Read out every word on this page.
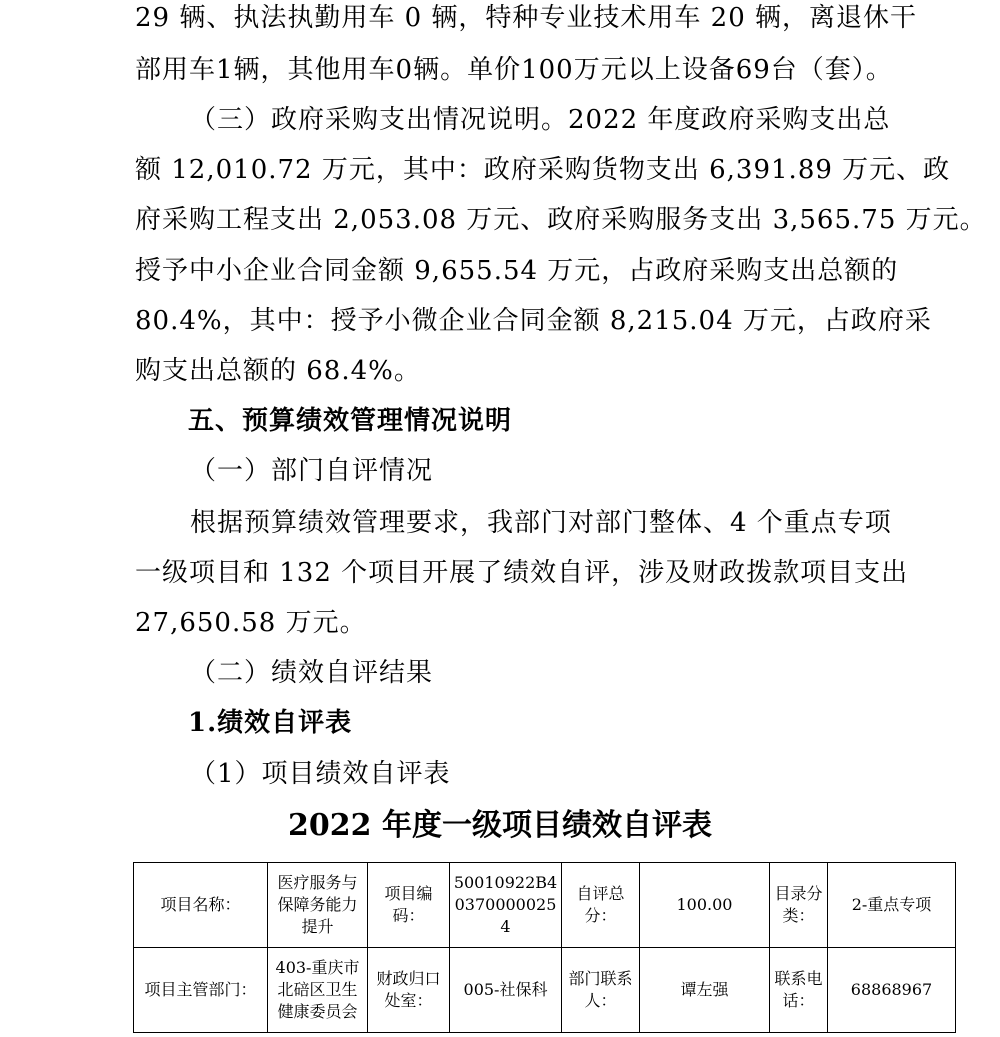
29 辆、执法执勤用车 0 辆，特种专业技术用车 20 辆，离退休干
部用车1辆，其他用车0辆。单价100万元以上设备69台（套）。
（三）政府采购支出情况说明。2022 年度政府采购支出总
额 12,010.72 万元，其中：政府采购货物支出 6,391.89 万元、政
府采购工程支出 2,053.08 万元、政府采购服务支出 3,565.75 万元。
授予中小企业合同金额 9,655.54 万元，占政府采购支出总额的
80.4%，其中：授予小微企业合同金额 8,215.04 万元，占政府采
购支出总额的 68.4%。
五、预算绩效管理情况说明
（一）部门自评情况
根据预算绩效管理要求，我部门对部门整体、4 个重点专项
一级项目和 132 个项目开展了绩效自评，涉及财政拨款项目支出
27,650.58 万元。
（二）绩效自评结果
1.绩效自评表
（1）项目绩效自评表
2022 年度一级项目绩效自评表
项目名称：	医疗服务与保障务能力提升	项目编码：	50010922B403700000254	自评总分：	100.00	目录分类：	2-重点专项
项目主管部门：	403-重庆市北碚区卫生健康委员会	财政归口处室：	005-社保科	部门联系人：	谭左强	联系电话：	68868967
